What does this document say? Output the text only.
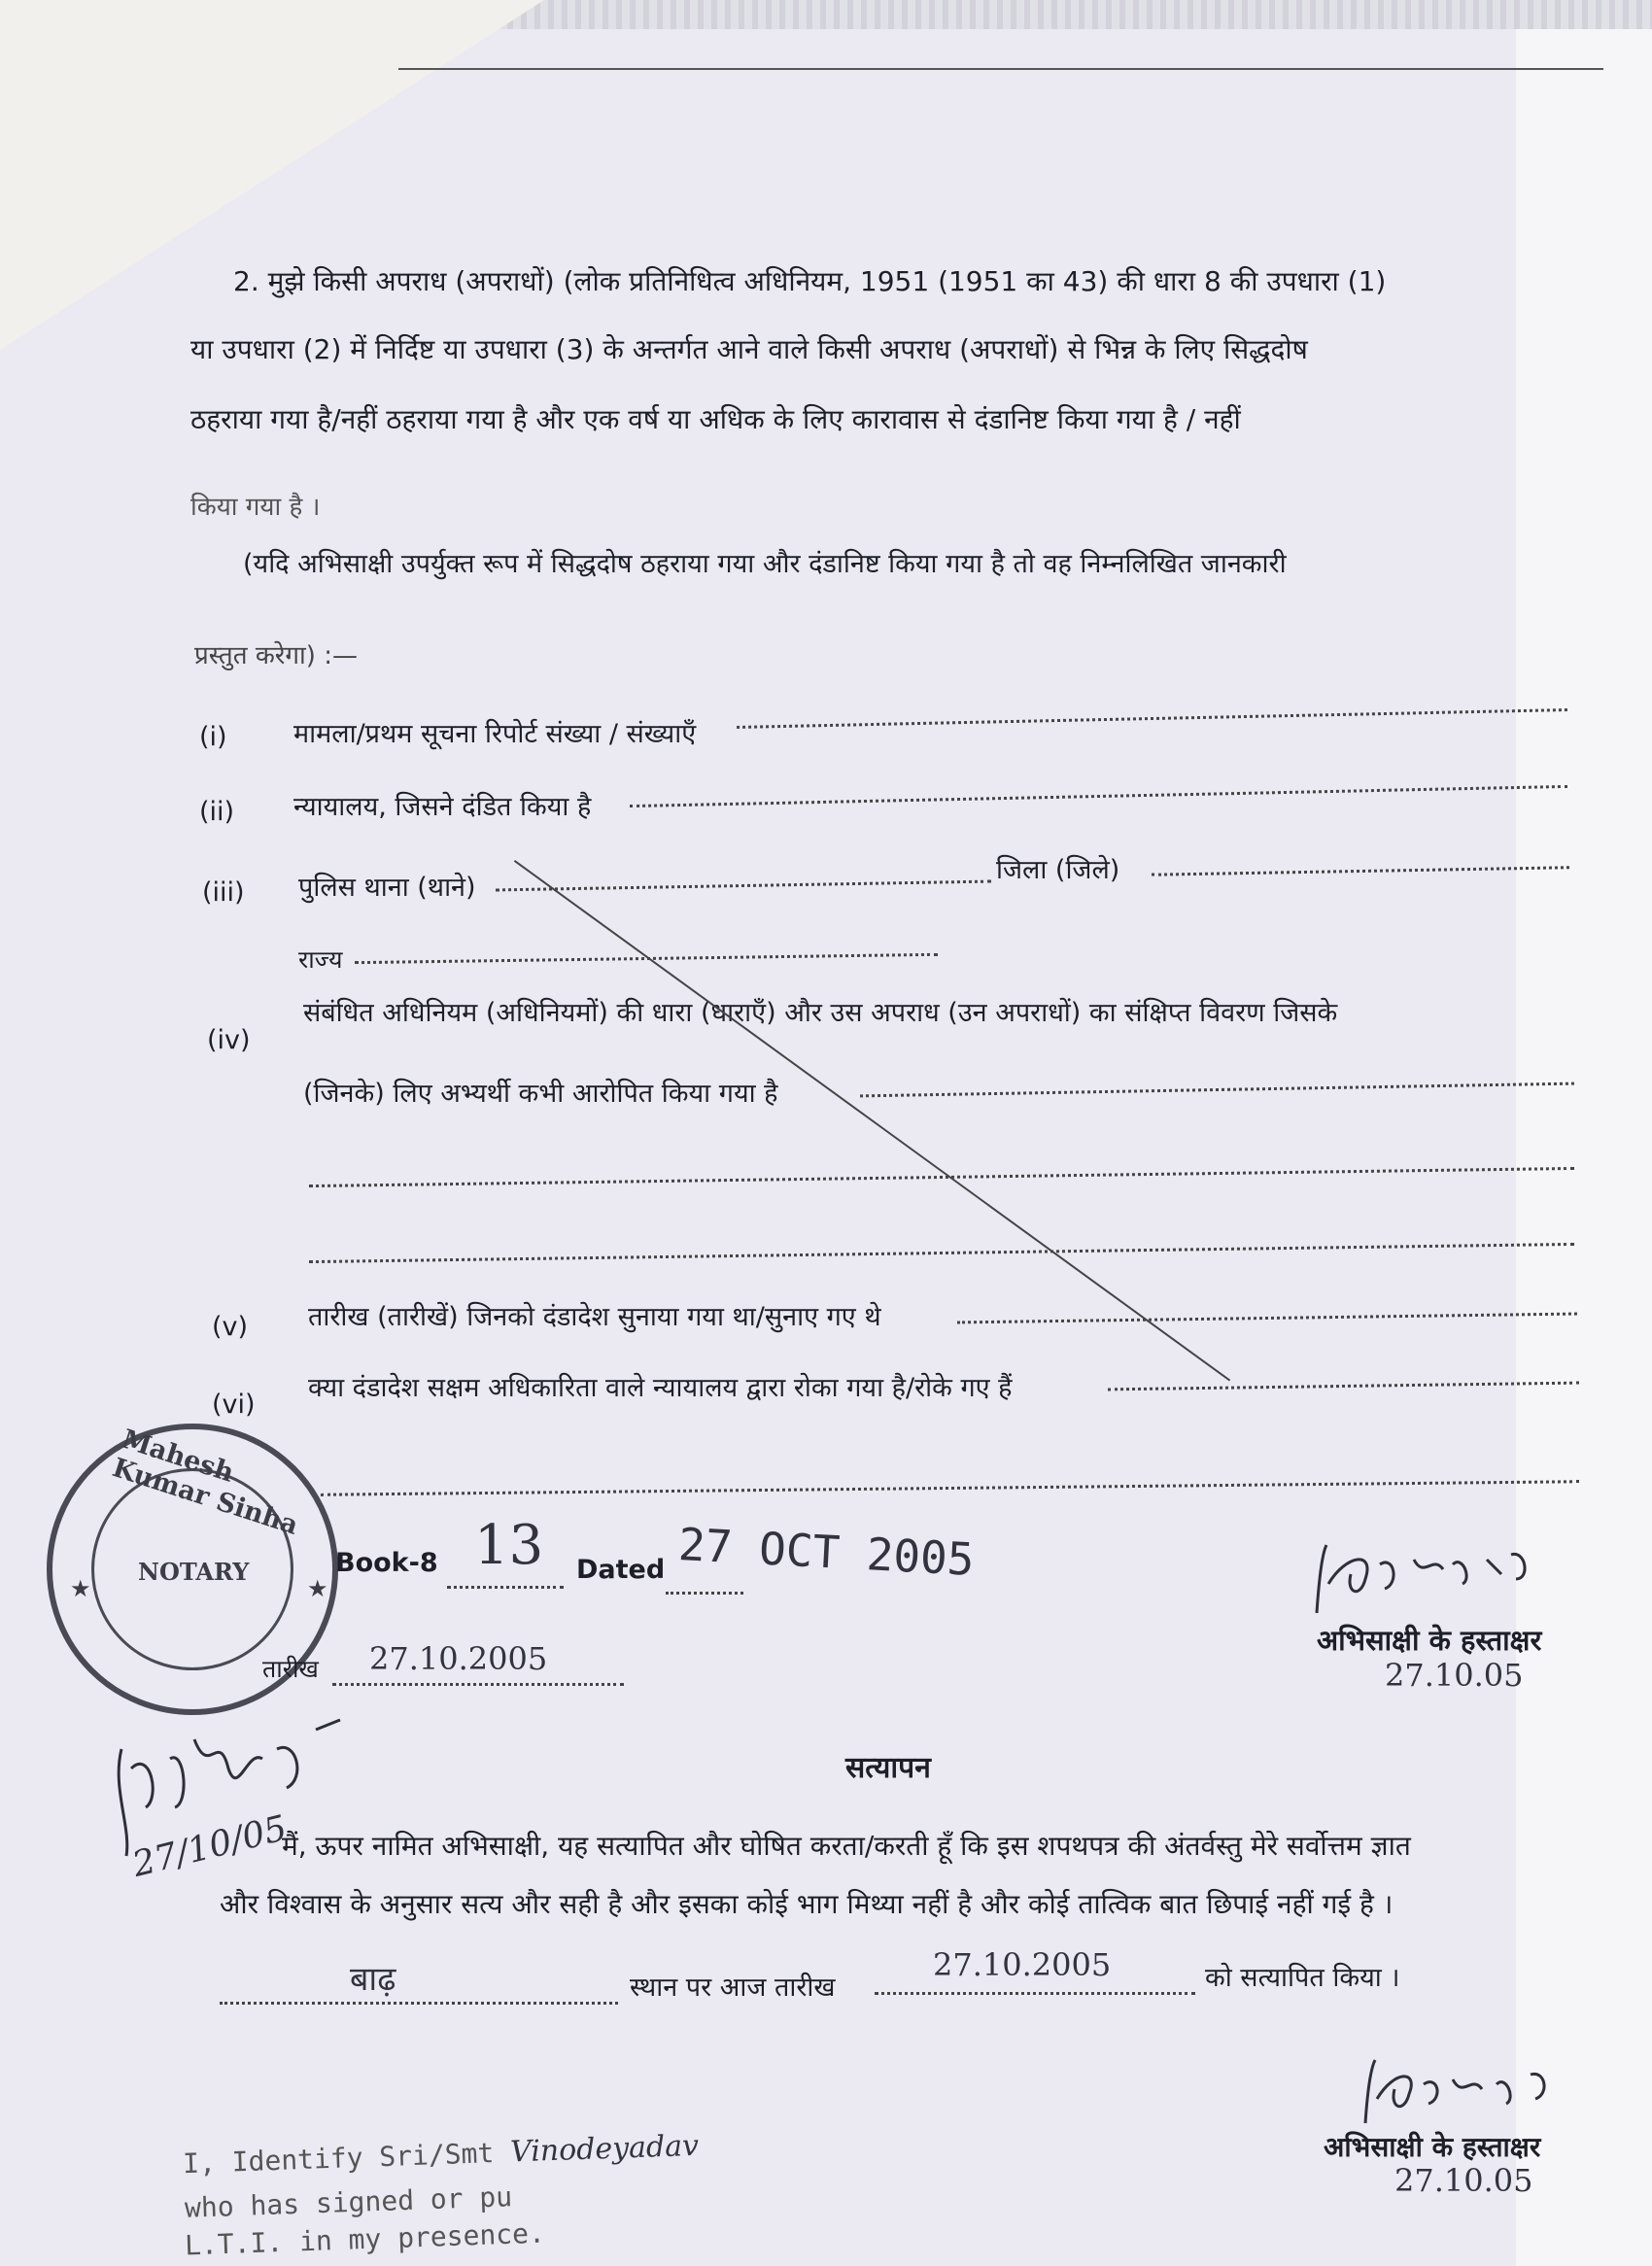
2. मुझे किसी अपराध (अपराधों) (लोक प्रतिनिधित्व अधिनियम, 1951 (1951 का 43) की धारा 8 की उपधारा (1)
या उपधारा (2) में निर्दिष्ट या उपधारा (3) के अन्तर्गत आने वाले किसी अपराध (अपराधों) से भिन्न के लिए सिद्धदोष
ठहराया गया है/नहीं ठहराया गया है और एक वर्ष या अधिक के लिए कारावास से दंडानिष्ट किया गया है / नहीं
किया गया है ।
(यदि अभिसाक्षी उपर्युक्त रूप में सिद्धदोष ठहराया गया और दंडानिष्ट किया गया है तो वह निम्नलिखित जानकारी
प्रस्तुत करेगा) :—
(i)	मामला/प्रथम सूचना रिपोर्ट संख्या / संख्याएँ
(ii) न्यायालय, जिसने दंडित किया है
(iii) पुलिस थाना (थाने)
जिला (जिले)
राज्य
(iv)
संबंधित अधिनियम (अधिनियमों) की धारा (धाराएँ) और उस अपराध (उन अपराधों) का संक्षिप्त विवरण जिसके
(जिनके) लिए अभ्यर्थी कभी आरोपित किया गया है
(v) तारीख (तारीखें) जिनको दंडादेश सुनाया गया था/सुनाए गए थे
(vi)
क्या दंडादेश सक्षम अधिकारिता वाले न्यायालय द्वारा रोका गया है/रोके गए हैं
Mahesh Kumar Sinha
NOTARY
★	★
Book-8 13 Dated 27 OCT 2005
तारीख 27.10.2005	अभिसाक्षी के हस्ताक्षर
27.10.05
27/10/05
सत्यापन
मैं, ऊपर नामित अभिसाक्षी, यह सत्यापित और घोषित करता/करती हूँ कि इस शपथपत्र की अंतर्वस्तु मेरे सर्वोत्तम ज्ञात
और विश्वास के अनुसार सत्य और सही है और इसका कोई भाग मिथ्या नहीं है और कोई तात्विक बात छिपाई नहीं गई है ।
बाढ़	स्थान पर आज तारीख
27.10.2005	को सत्यापित किया ।
अभिसाक्षी के हस्ताक्षर
27.10.05
I, Identify Sri/Smt Vinodeyadav
who has signed or pu
L.T.I. in my presence.
